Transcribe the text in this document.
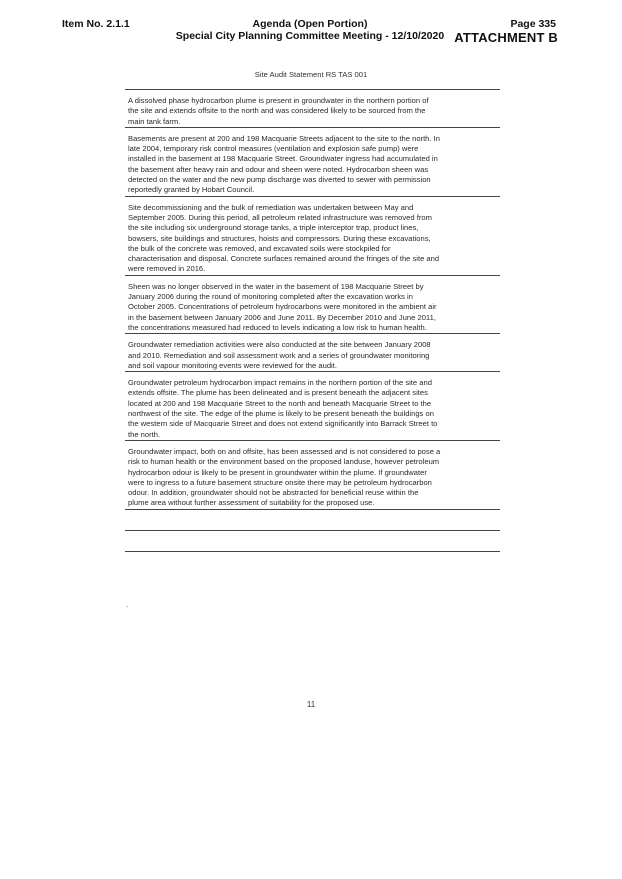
Item No. 2.1.1	Agenda (Open Portion)
Special City Planning Committee Meeting - 12/10/2020
Page 335
ATTACHMENT B
Site Audit Statement RS TAS 001
A dissolved phase hydrocarbon plume is present in groundwater in the northern portion of
the site and extends offsite to the north and was considered likely to be sourced from the
main tank farm.
Basements are present at 200 and 198 Macquarie Streets adjacent to the site to the north. In
late 2004, temporary risk control measures (ventilation and explosion safe pump) were
installed in the basement at 198 Macquarie Street. Groundwater ingress had accumulated in
the basement after heavy rain and odour and sheen were noted. Hydrocarbon sheen was
detected on the water and the new pump discharge was diverted to sewer with permission
reportedly granted by Hobart Council.
Site decommissioning and the bulk of remediation was undertaken between May and
September 2005. During this period, all petroleum related infrastructure was removed from
the site including six underground storage tanks, a triple interceptor trap, product lines,
bowsers, site buildings and structures, hoists and compressors. During these excavations,
the bulk of the concrete was removed, and excavated soils were stockpiled for
characterisation and disposal. Concrete surfaces remained around the fringes of the site and
were removed in 2016.
Sheen was no longer observed in the water in the basement of 198 Macquarie Street by
January 2006 during the round of monitoring completed after the excavation works in
October 2005. Concentrations of petroleum hydrocarbons were monitored in the ambient air
in the basement between January 2006 and June 2011. By December 2010 and June 2011,
the concentrations measured had reduced to levels indicating a low risk to human health.
Groundwater remediation activities were also conducted at the site between January 2008
and 2010. Remediation and soil assessment work and a series of groundwater monitoring
and soil vapour monitoring events were reviewed for the audit.
Groundwater petroleum hydrocarbon impact remains in the northern portion of the site and
extends offsite. The plume has been delineated and is present beneath the adjacent sites
located at 200 and 198 Macquarie Street to the north and beneath Macquarie Street to the
northwest of the site. The edge of the plume is likely to be present beneath the buildings on
the western side of Macquarie Street and does not extend significantly into Barrack Street to
the north.
Groundwater impact, both on and offsite, has been assessed and is not considered to pose a
risk to human health or the environment based on the proposed landuse, however petroleum
hydrocarbon odour is likely to be present in groundwater within the plume. If groundwater
were to ingress to a future basement structure onsite there may be petroleum hydrocarbon
odour. In addition, groundwater should not be abstracted for beneficial reuse within the
plume area without further assessment of suitability for the proposed use.
.
11
